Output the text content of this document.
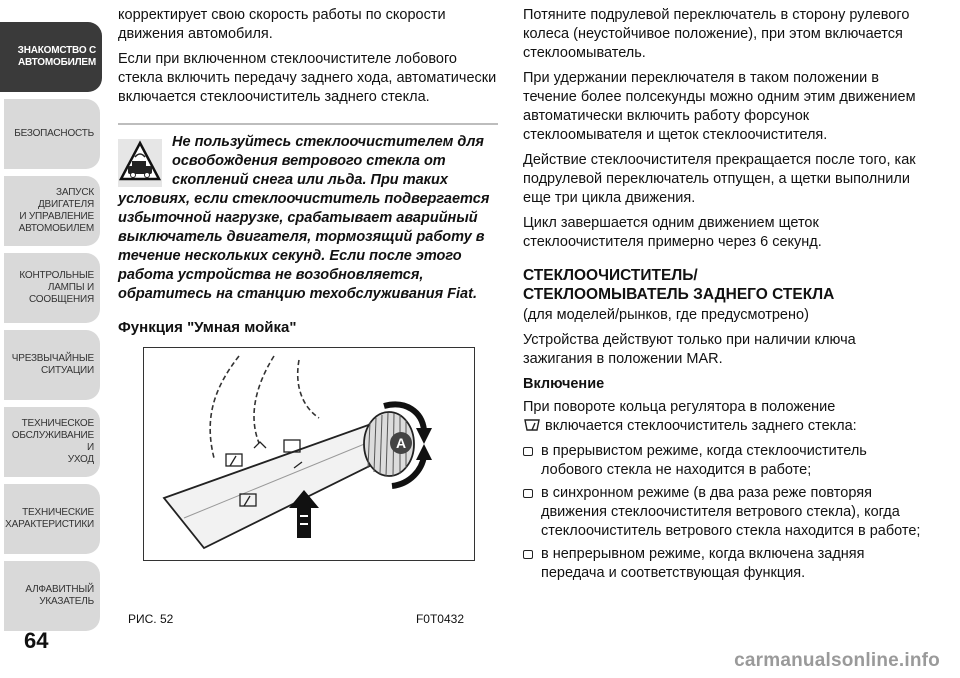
ЗНАКОМСТВО С
АВТОМОБИЛЕМ
БЕЗОПАСНОСТЬ
ЗАПУСК ДВИГАТЕЛЯ
И УПРАВЛЕНИЕ
АВТОМОБИЛЕМ
КОНТРОЛЬНЫЕ
ЛАМПЫ И
СООБЩЕНИЯ
ЧРЕЗВЫЧАЙНЫЕ
СИТУАЦИИ
ТЕХНИЧЕСКОЕ
ОБСЛУЖИВАНИЕ И
УХОД
ТЕХНИЧЕСКИЕ
ХАРАКТЕРИСТИКИ
АЛФАВИТНЫЙ
УКАЗАТЕЛЬ
64

корректирует свою скорость работы по скорости движения автомобиля.

Если при включенном стеклоочистителе лобового стекла включить передачу заднего хода, автоматически включается стеклоочиститель заднего стекла.

Не пользуйтесь стеклоочистителем для освобождения ветрового стекла от скоплений снега или льда. При таких условиях, если стеклоочиститель подвергается избыточной нагрузке, срабатывает аварийный выключатель двигателя, тормозящий работу в течение нескольких секунд. Если после этого работа устройства не возобновляется, обратитесь на станцию техобслуживания Fiat.
Функция "Умная мойка"
A
РИС. 52	F0T0432

Потяните подрулевой переключатель в сторону рулевого колеса (неустойчивое положение), при этом включается стеклоомыватель.

При удержании переключателя в таком положении в течение более полсекунды можно одним этим движением автоматически включить работу форсунок стеклоомывателя и щеток стеклоочистителя.

Действие стеклоочистителя прекращается после того, как подрулевой переключатель отпущен, а щетки выполнили еще три цикла движения.

Цикл завершается одним движением щеток стеклоочистителя примерно через 6 секунд.

СТЕКЛООЧИСТИТЕЛЬ/
СТЕКЛООМЫВАТЕЛЬ ЗАДНЕГО СТЕКЛА

(для моделей/рынков, где предусмотрено)

Устройства действуют только при наличии ключа зажигания в положении MAR.

Включение

При повороте кольца регулятора в положение
включается стеклоочиститель заднего стекла:

в прерывистом режиме, когда стеклоочиститель лобового стекла не находится в работе;
в синхронном режиме (в два раза реже повторяя движения стеклоочистителя ветрового стекла), когда стеклоочиститель ветрового стекла находится в работе;
в непрерывном режиме, когда включена задняя передача и соответствующая функция.
carmanualsonline.info
